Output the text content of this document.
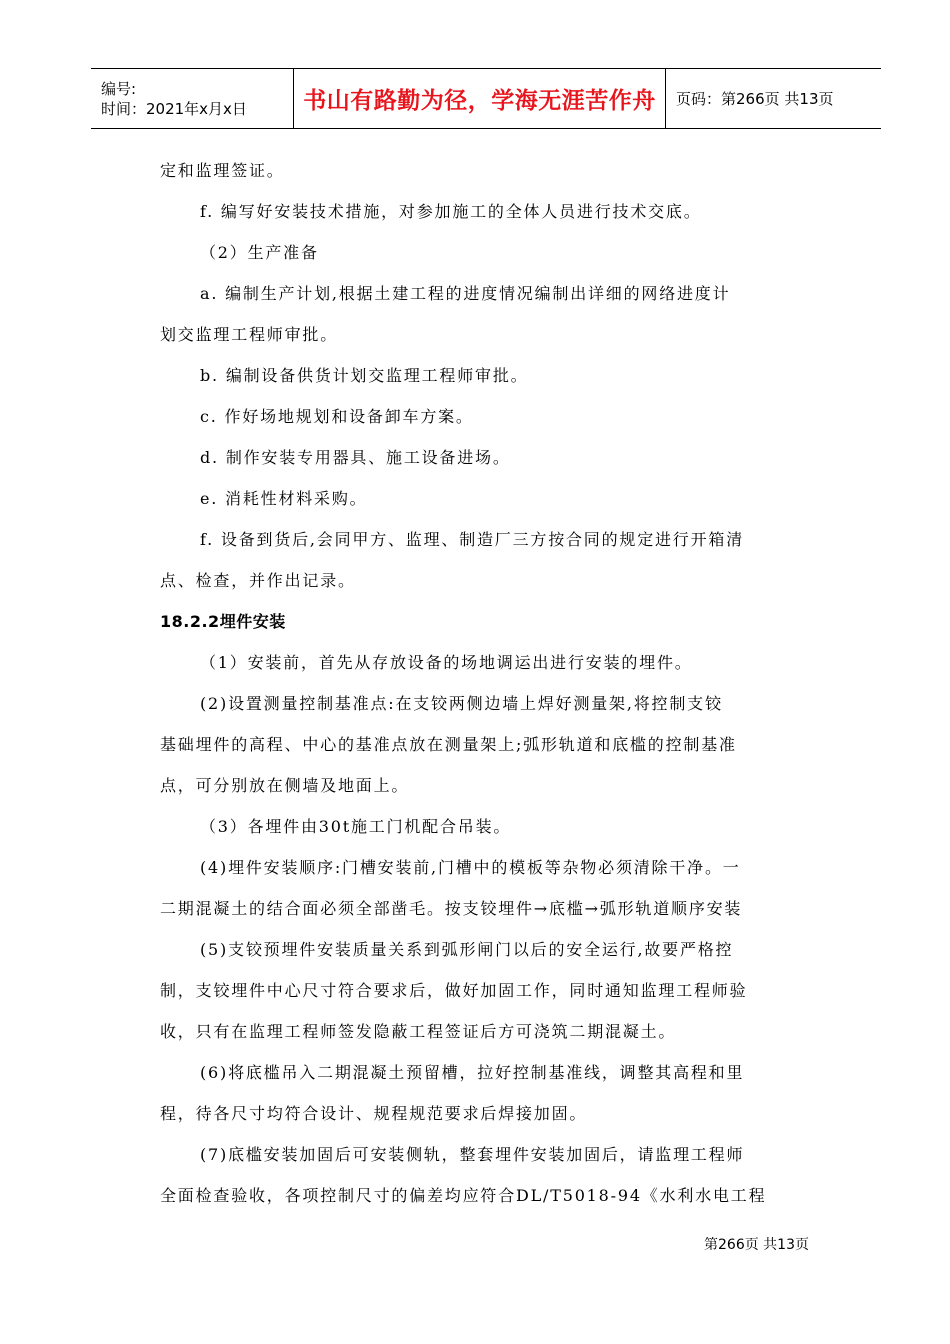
编号:
时间：2021年x月x日	书山有路勤为径，学海无涯苦作舟 页码：第266页 共13页

定和监理签证。

f. 编写好安装技术措施，对参加施工的全体人员进行技术交底。

（2）生产准备

a. 编制生产计划,根据土建工程的进度情况编制出详细的网络进度计

划交监理工程师审批。

b. 编制设备供货计划交监理工程师审批。

c. 作好场地规划和设备卸车方案。

d. 制作安装专用器具、施工设备进场。

e. 消耗性材料采购。

f. 设备到货后,会同甲方、监理、制造厂三方按合同的规定进行开箱清

点、检查，并作出记录。

18.2.2埋件安装

（1）安装前，首先从存放设备的场地调运出进行安装的埋件。

(2)设置测量控制基准点:在支铰两侧边墙上焊好测量架,将控制支铰

基础埋件的高程、中心的基准点放在测量架上;弧形轨道和底槛的控制基准

点，可分别放在侧墙及地面上。

（3）各埋件由30t施工门机配合吊装。

(4)埋件安装顺序:门槽安装前,门槽中的模板等杂物必须清除干净。一

二期混凝土的结合面必须全部凿毛。按支铰埋件→底槛→弧形轨道顺序安装

(5)支铰预埋件安装质量关系到弧形闸门以后的安全运行,故要严格控

制，支铰埋件中心尺寸符合要求后，做好加固工作，同时通知监理工程师验

收，只有在监理工程师签发隐蔽工程签证后方可浇筑二期混凝土。

(6)将底槛吊入二期混凝土预留槽，拉好控制基准线，调整其高程和里

程，待各尺寸均符合设计、规程规范要求后焊接加固。

(7)底槛安装加固后可安装侧轨，整套埋件安装加固后，请监理工程师

全面检查验收，各项控制尺寸的偏差均应符合DL/T5018-94《水利水电工程

第266页 共13页
